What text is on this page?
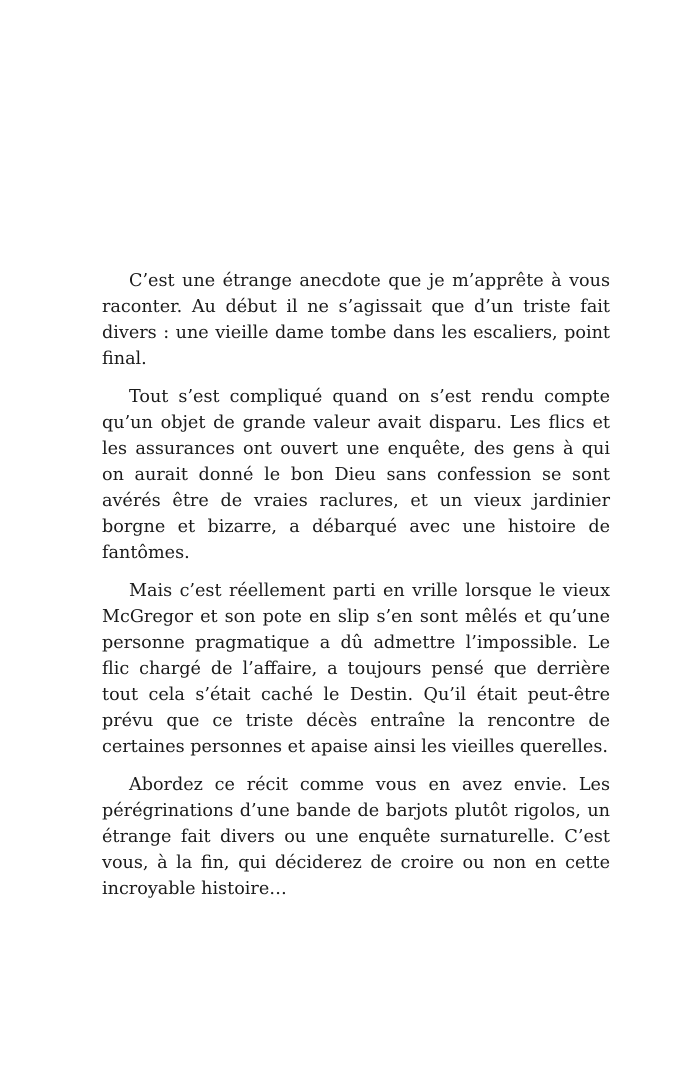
C’est une étrange anecdote que je m’apprête à vous raconter. Au début il ne s’agissait que d’un triste fait divers : une vieille dame tombe dans les escaliers, point final.

Tout s’est compliqué quand on s’est rendu compte qu’un objet de grande valeur avait disparu. Les flics et les assurances ont ouvert une enquête, des gens à qui on aurait donné le bon Dieu sans confession se sont avérés être de vraies raclures, et un vieux jardinier borgne et bizarre, a débarqué avec une histoire de fantômes.

Mais c’est réellement parti en vrille lorsque le vieux McGregor et son pote en slip s’en sont mêlés et qu’une personne pragmatique a dû admettre l’impossible. Le flic chargé de l’affaire, a toujours pensé que derrière tout cela s’était caché le Destin. Qu’il était peut-être prévu que ce triste décès entraîne la rencontre de certaines personnes et apaise ainsi les vieilles querelles.

Abordez ce récit comme vous en avez envie. Les pérégrinations d’une bande de barjots plutôt rigolos, un étrange fait divers ou une enquête surnaturelle. C’est vous, à la fin, qui déciderez de croire ou non en cette incroyable histoire…
